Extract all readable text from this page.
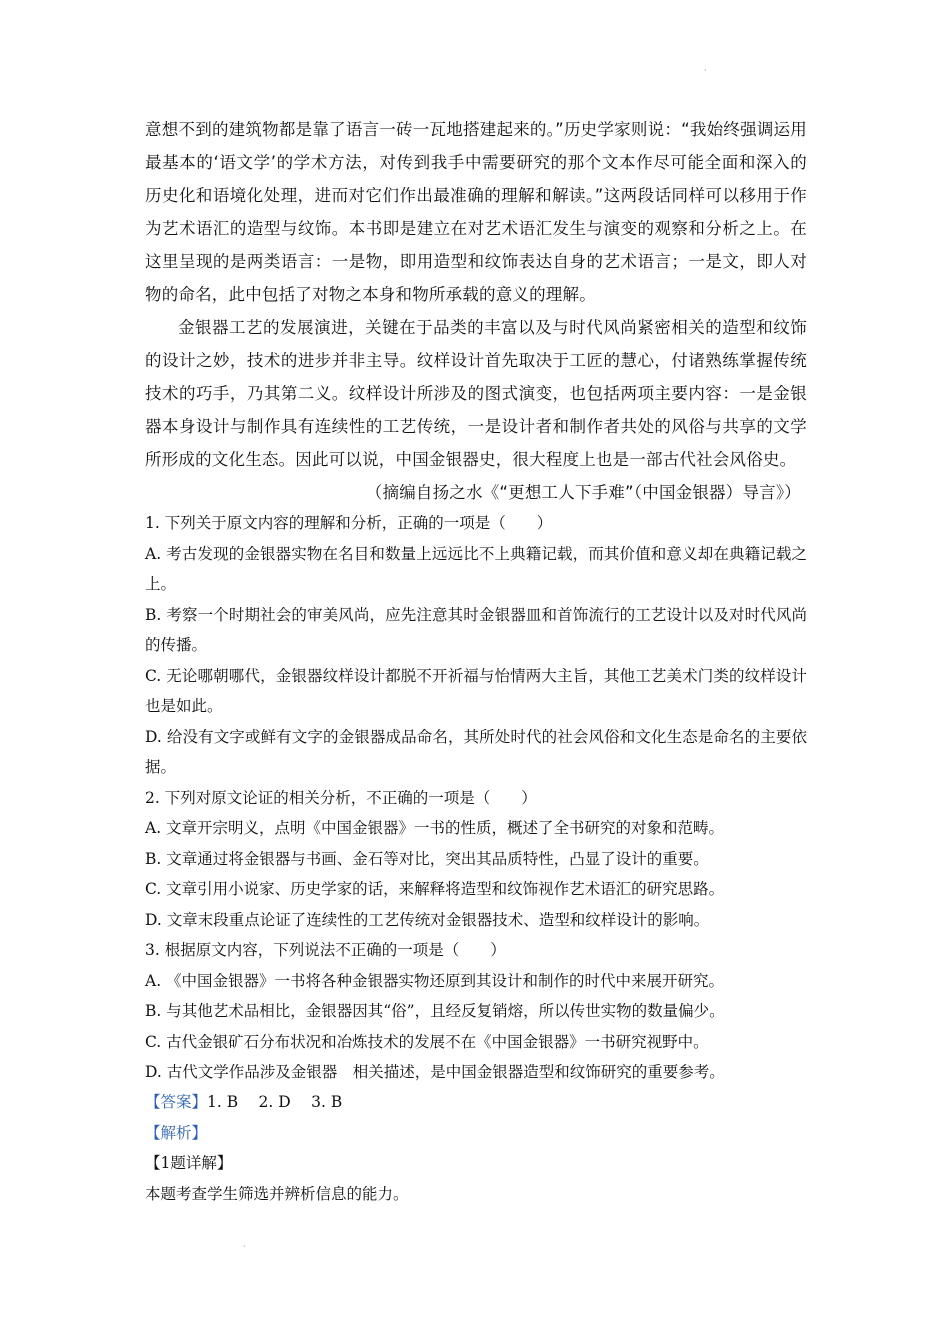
·

意想不到的建筑物都是靠了语言一砖一瓦地搭建起来的。”历史学家则说：“我始终强调运用最基本的‘语文学’的学术方法，对传到我手中需要研究的那个文本作尽可能全面和深入的历史化和语境化处理，进而对它们作出最准确的理解和解读。”这两段话同样可以移用于作为艺术语汇的造型与纹饰。本书即是建立在对艺术语汇发生与演变的观察和分析之上。在这里呈现的是两类语言：一是物，即用造型和纹饰表达自身的艺术语言；一是文，即人对物的命名，此中包括了对物之本身和物所承载的意义的理解。

金银器工艺的发展演进，关键在于品类的丰富以及与时代风尚紧密相关的造型和纹饰的设计之妙，技术的进步并非主导。纹样设计首先取决于工匠的慧心，付诸熟练掌握传统技术的巧手，乃其第二义。纹样设计所涉及的图式演变，也包括两项主要内容：一是金银器本身设计与制作具有连续性的工艺传统，一是设计者和制作者共处的风俗与共享的文学所形成的文化生态。因此可以说，中国金银器史，很大程度上也是一部古代社会风俗史。

（摘编自扬之水《“更想工人下手难”（中国金银器）导言》）

1. 下列关于原文内容的理解和分析，正确的一项是（　　）

A. 考古发现的金银器实物在名目和数量上远远比不上典籍记载，而其价值和意义却在典籍记载之上。

B. 考察一个时期社会的审美风尚，应先注意其时金银器皿和首饰流行的工艺设计以及对时代风尚的传播。

C. 无论哪朝哪代，金银器纹样设计都脱不开祈福与怡情两大主旨，其他工艺美术门类的纹样设计也是如此。

D. 给没有文字或鲜有文字的金银器成品命名，其所处时代的社会风俗和文化生态是命名的主要依据。

2. 下列对原文论证的相关分析，不正确的一项是（　　）

A. 文章开宗明义，点明《中国金银器》一书的性质，概述了全书研究的对象和范畴。

B. 文章通过将金银器与书画、金石等对比，突出其品质特性，凸显了设计的重要。

C. 文章引用小说家、历史学家的话，来解释将造型和纹饰视作艺术语汇的研究思路。

D. 文章末段重点论证了连续性的工艺传统对金银器技术、造型和纹样设计的影响。

3. 根据原文内容，下列说法不正确的一项是（　　）

A. 《中国金银器》一书将各种金银器实物还原到其设计和制作的时代中来展开研究。

B. 与其他艺术品相比，金银器因其“俗”，且经反复销熔，所以传世实物的数量偏少。

C. 古代金银矿石分布状况和冶炼技术的发展不在《中国金银器》一书研究视野中。

D. 古代文学作品涉及金银器　相关描述，是中国金银器造型和纹饰研究的重要参考。

【答案】1. B　 2. D　 3. B

【解析】

【1题详解】

本题考查学生筛选并辨析信息的能力。

·
